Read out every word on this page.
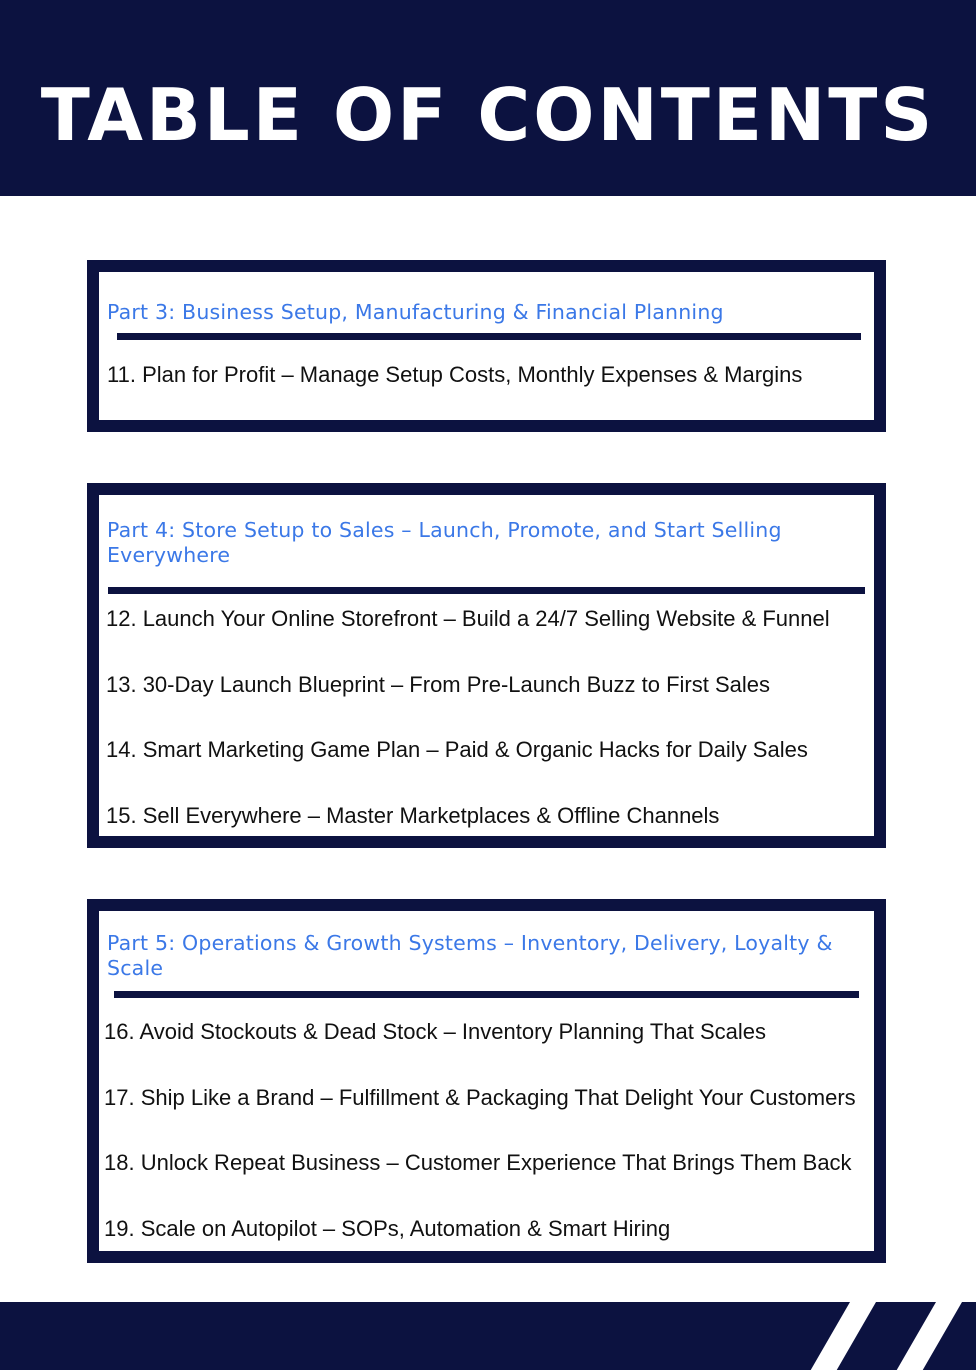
TABLE OF CONTENTS
Part 3: Business Setup, Manufacturing & Financial Planning
11. Plan for Profit – Manage Setup Costs, Monthly Expenses & Margins
Part 4: Store Setup to Sales – Launch, Promote, and Start Selling Everywhere
12. Launch Your Online Storefront – Build a 24/7 Selling Website & Funnel
13. 30-Day Launch Blueprint – From Pre-Launch Buzz to First Sales
14. Smart Marketing Game Plan – Paid & Organic Hacks for Daily Sales
15. Sell Everywhere – Master Marketplaces & Offline Channels
Part 5: Operations & Growth Systems – Inventory, Delivery, Loyalty & Scale
16. Avoid Stockouts & Dead Stock – Inventory Planning That Scales
17. Ship Like a Brand – Fulfillment & Packaging That Delight Your Customers
18. Unlock Repeat Business – Customer Experience That Brings Them Back
19. Scale on Autopilot – SOPs, Automation & Smart Hiring
